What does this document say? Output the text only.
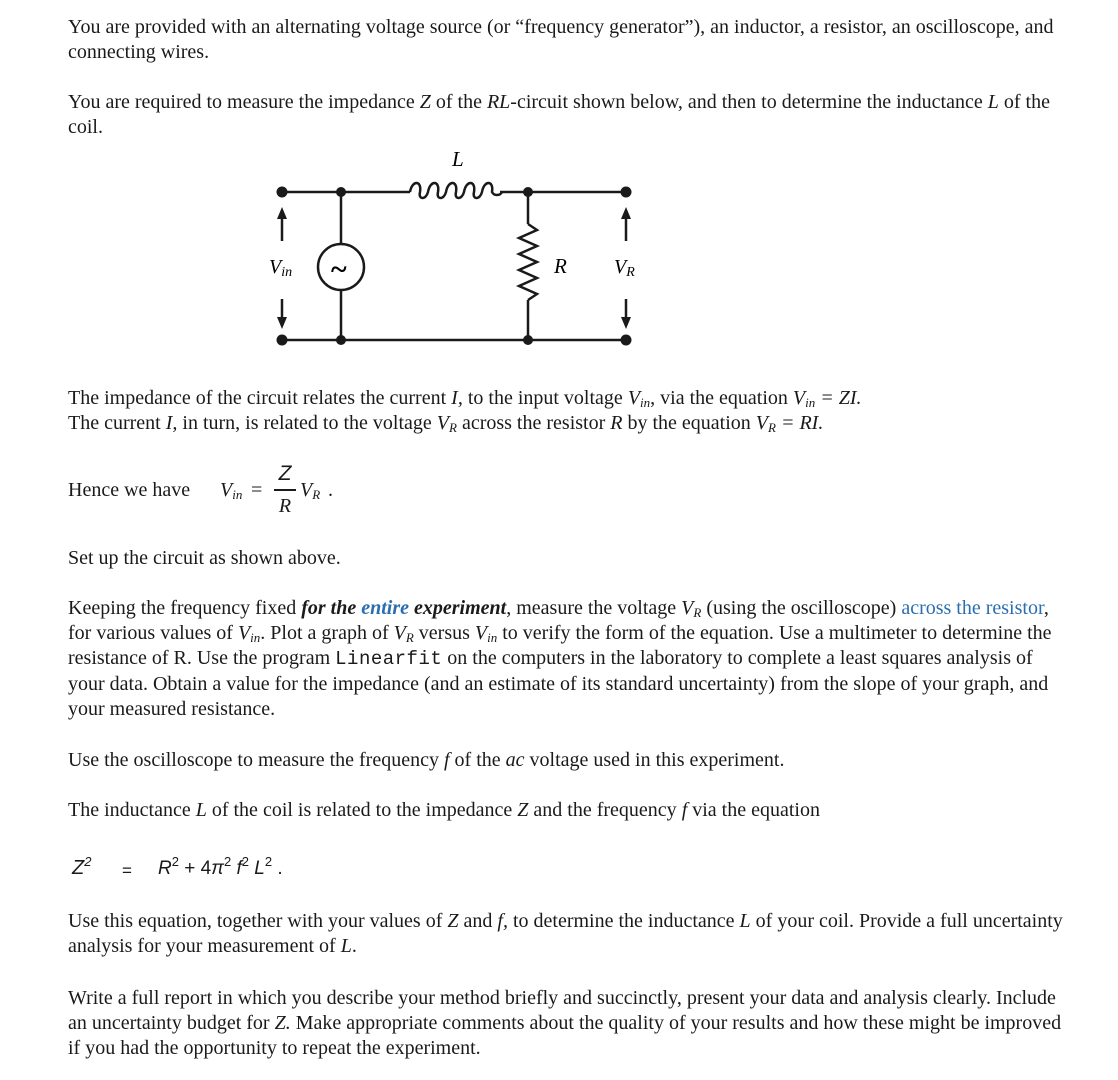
You are provided with an alternating voltage source (or “frequency generator”), an inductor, a resistor, an oscilloscope, and connecting wires.

You are required to measure the impedance Z of the RL-circuit shown below, and then to determine the inductance L of the coil.

L
Vin ~	R VR

The impedance of the circuit relates the current I, to the input voltage $V_{in}$, via the equation $V_{in}$ = ZI.
The current I, in turn, is related to the voltage $V_R$ across the resistor R by the equation $V_R$ = RI.

Hence we have $V_{in}$ =
Z
R
$V_R$ .

Set up the circuit as shown above.

Keeping the frequency fixed for the entire experiment, measure the voltage $V_R$ (using the oscilloscope) across the resistor, for various values of $V_{in}$. Plot a graph of $V_R$ versus $V_{in}$ to verify the form of the equation. Use a multimeter to determine the resistance of R. Use the program Linearfit on the computers in the laboratory to complete a least squares analysis of your data. Obtain a value for the impedance (and an estimate of its standard uncertainty) from the slope of your graph, and your measured resistance.

Use the oscilloscope to measure the frequency f of the ac voltage used in this experiment.

The inductance L of the coil is related to the impedance Z and the frequency f via the equation

$Z^2 = R^2 + 4\pi^2$ $f^2$ $L^2$ .

Use this equation, together with your values of Z and f, to determine the inductance L of your coil. Provide a full uncertainty analysis for your measurement of L.

Write a full report in which you describe your method briefly and succinctly, present your data and analysis clearly. Include an uncertainty budget for Z. Make appropriate comments about the quality of your results and how these might be improved if you had the opportunity to repeat the experiment.
